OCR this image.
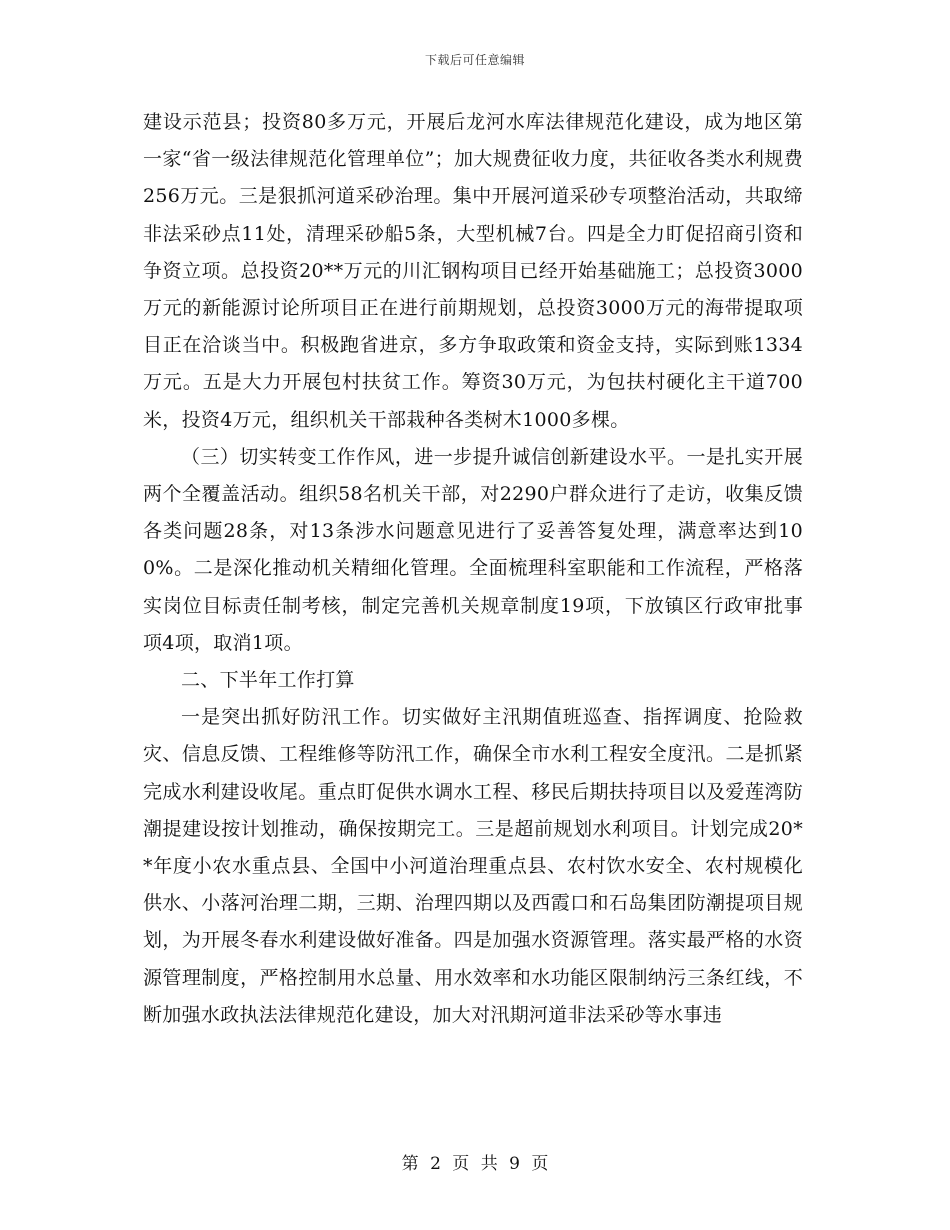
下载后可任意编辑

建设示范县；投资80多万元，开展后龙河水库法律规范化建设，成为地区第一家“省一级法律规范化管理单位”；加大规费征收力度，共征收各类水利规费256万元。三是狠抓河道采砂治理。集中开展河道采砂专项整治活动，共取缔非法采砂点11处，清理采砂船5条，大型机械7台。四是全力盯促招商引资和争资立项。总投资20**万元的川汇钢构项目已经开始基础施工；总投资3000万元的新能源讨论所项目正在进行前期规划，总投资3000万元的海带提取项目正在洽谈当中。积极跑省进京，多方争取政策和资金支持，实际到账1334万元。五是大力开展包村扶贫工作。筹资30万元，为包扶村硬化主干道700米，投资4万元，组织机关干部栽种各类树木1000多棵。

（三）切实转变工作作风，进一步提升诚信创新建设水平。一是扎实开展两个全覆盖活动。组织58名机关干部，对2290户群众进行了走访，收集反馈各类问题28条，对13条涉水问题意见进行了妥善答复处理，满意率达到100%。二是深化推动机关精细化管理。全面梳理科室职能和工作流程，严格落实岗位目标责任制考核，制定完善机关规章制度19项，下放镇区行政审批事项4项，取消1项。

二、下半年工作打算

一是突出抓好防汛工作。切实做好主汛期值班巡查、指挥调度、抢险救灾、信息反馈、工程维修等防汛工作，确保全市水利工程安全度汛。二是抓紧完成水利建设收尾。重点盯促供水调水工程、移民后期扶持项目以及爱莲湾防潮提建设按计划推动，确保按期完工。三是超前规划水利项目。计划完成20**年度小农水重点县、全国中小河道治理重点县、农村饮水安全、农村规模化供水、小落河治理二期，三期、治理四期以及西霞口和石岛集团防潮提项目规划，为开展冬春水利建设做好准备。四是加强水资源管理。落实最严格的水资源管理制度，严格控制用水总量、用水效率和水功能区限制纳污三条红线，不断加强水政执法法律规范化建设，加大对汛期河道非法采砂等水事违

第 2 页 共 9 页
